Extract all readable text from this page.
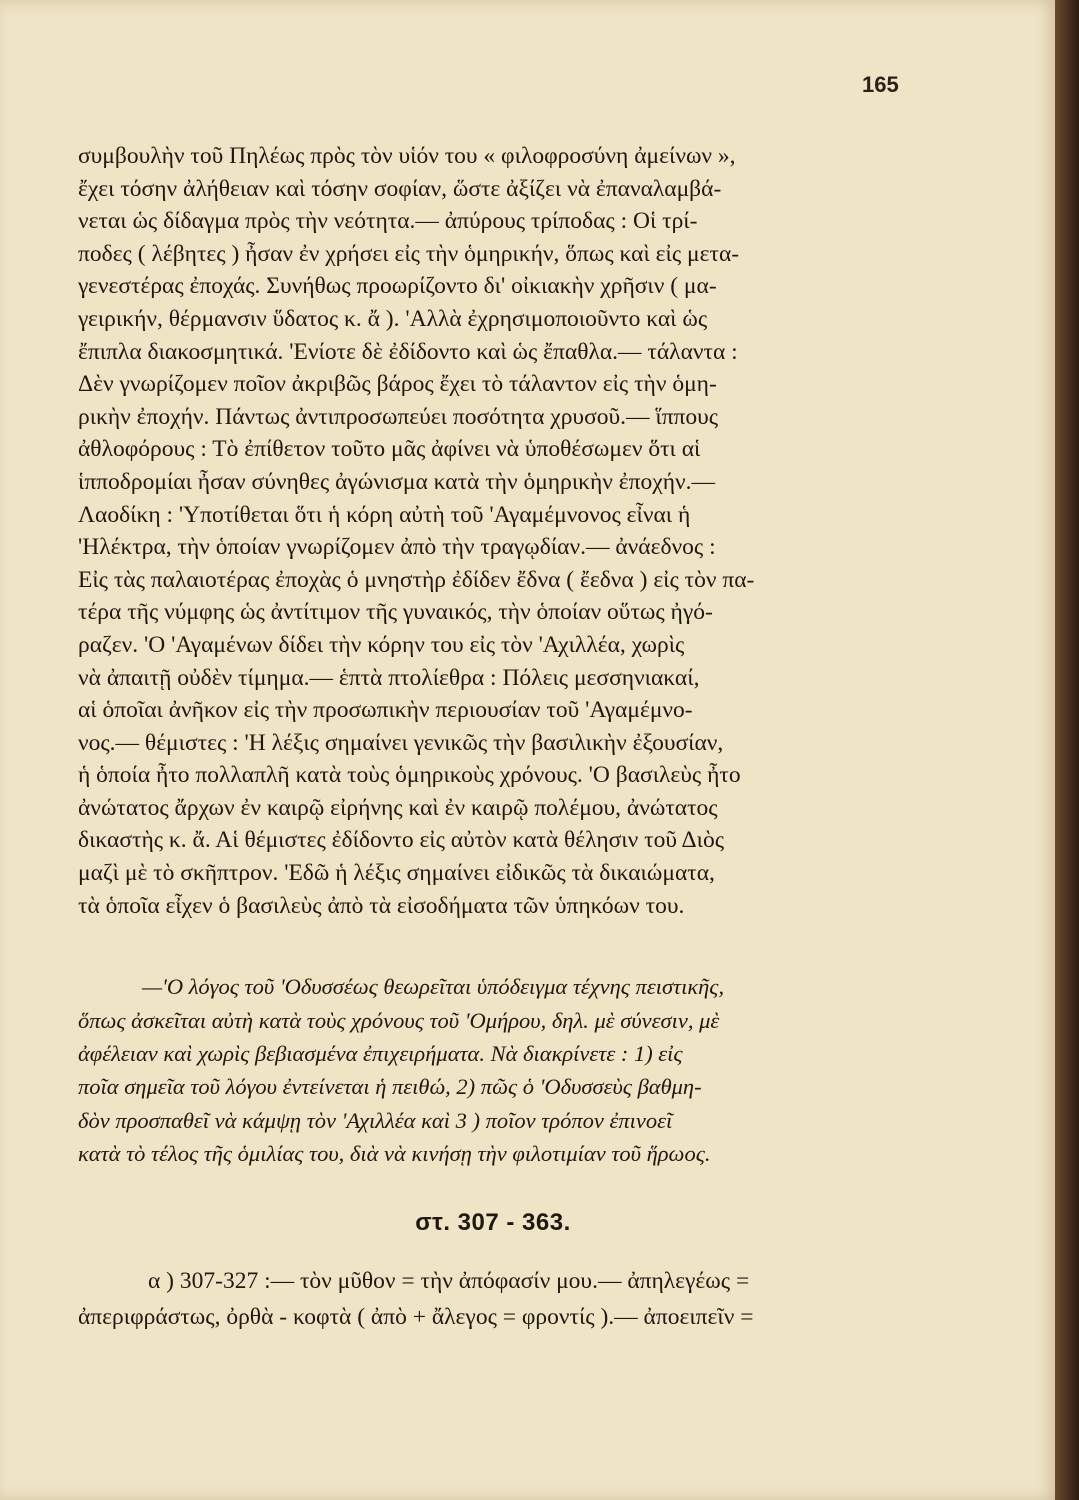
165

συμβουλὴν τοῦ Πηλέως πρὸς τὸν υἱόν του « φιλοφροσύνη ἀμείνων »,
ἔχει τόσην ἀλήθειαν καὶ τόσην σοφίαν, ὥστε ἀξίζει νὰ ἐπαναλαμβά-
νεται ὡς δίδαγμα πρὸς τὴν νεότητα.— ἀπύρους τρίποδας : Οἱ τρί-
ποδες ( λέβητες ) ἦσαν ἐν χρήσει εἰς τὴν ὁμηρικήν, ὅπως καὶ εἰς μετα-
γενεστέρας ἐποχάς. Συνήθως προωρίζοντο δι' οἰκιακὴν χρῆσιν ( μα-
γειρικήν, θέρμανσιν ὕδατος κ. ἄ ). 'Αλλὰ ἐχρησιμοποιοῦντο καὶ ὡς
ἔπιπλα διακοσμητικά. 'Ενίοτε δὲ ἐδίδοντο καὶ ὡς ἔπαθλα.— τάλαντα :
Δὲν γνωρίζομεν ποῖον ἀκριβῶς βάρος ἔχει τὸ τάλαντον εἰς τὴν ὁμη-
ρικὴν ἐποχήν. Πάντως ἀντιπροσωπεύει ποσότητα χρυσοῦ.— ἵππους
ἀθλοφόρους : Τὸ ἐπίθετον τοῦτο μᾶς ἀφίνει νὰ ὑποθέσωμεν ὅτι αἱ
ἱπποδρομίαι ἦσαν σύνηθες ἀγώνισμα κατὰ τὴν ὁμηρικὴν ἐποχήν.—
Λαοδίκη : 'Υποτίθεται ὅτι ἡ κόρη αὐτὴ τοῦ 'Αγαμέμνονος εἶναι ἡ
'Ηλέκτρα, τὴν ὁποίαν γνωρίζομεν ἀπὸ τὴν τραγῳδίαν.— ἀνάεδνος :
Εἰς τὰς παλαιοτέρας ἐποχὰς ὁ μνηστὴρ ἐδίδεν ἔδνα ( ἔεδνα ) εἰς τὸν πα-
τέρα τῆς νύμφης ὡς ἀντίτιμον τῆς γυναικός, τὴν ὁποίαν οὕτως ἠγό-
ραζεν. 'Ο 'Αγαμένων δίδει τὴν κόρην του εἰς τὸν 'Αχιλλέα, χωρὶς
νὰ ἀπαιτῇ οὐδὲν τίμημα.— ἑπτὰ πτολίεθρα : Πόλεις μεσσηνιακαί,
αἱ ὁποῖαι ἀνῆκον εἰς τὴν προσωπικὴν περιουσίαν τοῦ 'Αγαμέμνο-
νος.— θέμιστες : 'Η λέξις σημαίνει γενικῶς τὴν βασιλικὴν ἐξουσίαν,
ἡ ὁποία ἦτο πολλαπλῆ κατὰ τοὺς ὁμηρικοὺς χρόνους. 'Ο βασιλεὺς ἦτο
ἀνώτατος ἄρχων ἐν καιρῷ εἰρήνης καὶ ἐν καιρῷ πολέμου, ἀνώτατος
δικαστὴς κ. ἄ. Αἱ θέμιστες ἐδίδοντο εἰς αὐτὸν κατὰ θέλησιν τοῦ Διὸς
μαζὶ μὲ τὸ σκῆπτρον. 'Εδῶ ἡ λέξις σημαίνει εἰδικῶς τὰ δικαιώματα,
τὰ ὁποῖα εἶχεν ὁ βασιλεὺς ἀπὸ τὰ εἰσοδήματα τῶν ὑπηκόων του.

—'Ο λόγος τοῦ 'Οδυσσέως θεωρεῖται ὑπόδειγμα τέχνης πειστικῆς,
ὅπως ἀσκεῖται αὐτὴ κατὰ τοὺς χρόνους τοῦ 'Ομήρου, δηλ. μὲ σύνεσιν, μὲ
ἀφέλειαν καὶ χωρὶς βεβιασμένα ἐπιχειρήματα. Νὰ διακρίνετε : 1) εἰς
ποῖα σημεῖα τοῦ λόγου ἐντείνεται ἡ πειθώ, 2) πῶς ὁ 'Οδυσσεὺς βαθμη-
δὸν προσπαθεῖ νὰ κάμψῃ τὸν 'Αχιλλέα καὶ 3 ) ποῖον τρόπον ἐπινοεῖ
κατὰ τὸ τέλος τῆς ὁμιλίας του, διὰ νὰ κινήσῃ τὴν φιλοτιμίαν τοῦ ἥρωος.

στ. 307 - 363.

α ) 307-327 :— τὸν μῦθον = τὴν ἀπόφασίν μου.— ἀπηλεγέως =
ἀπεριφράστως, ὀρθὰ - κοφτὰ ( ἀπὸ + ἄλεγος = φροντίς ).— ἀποειπεῖν =
